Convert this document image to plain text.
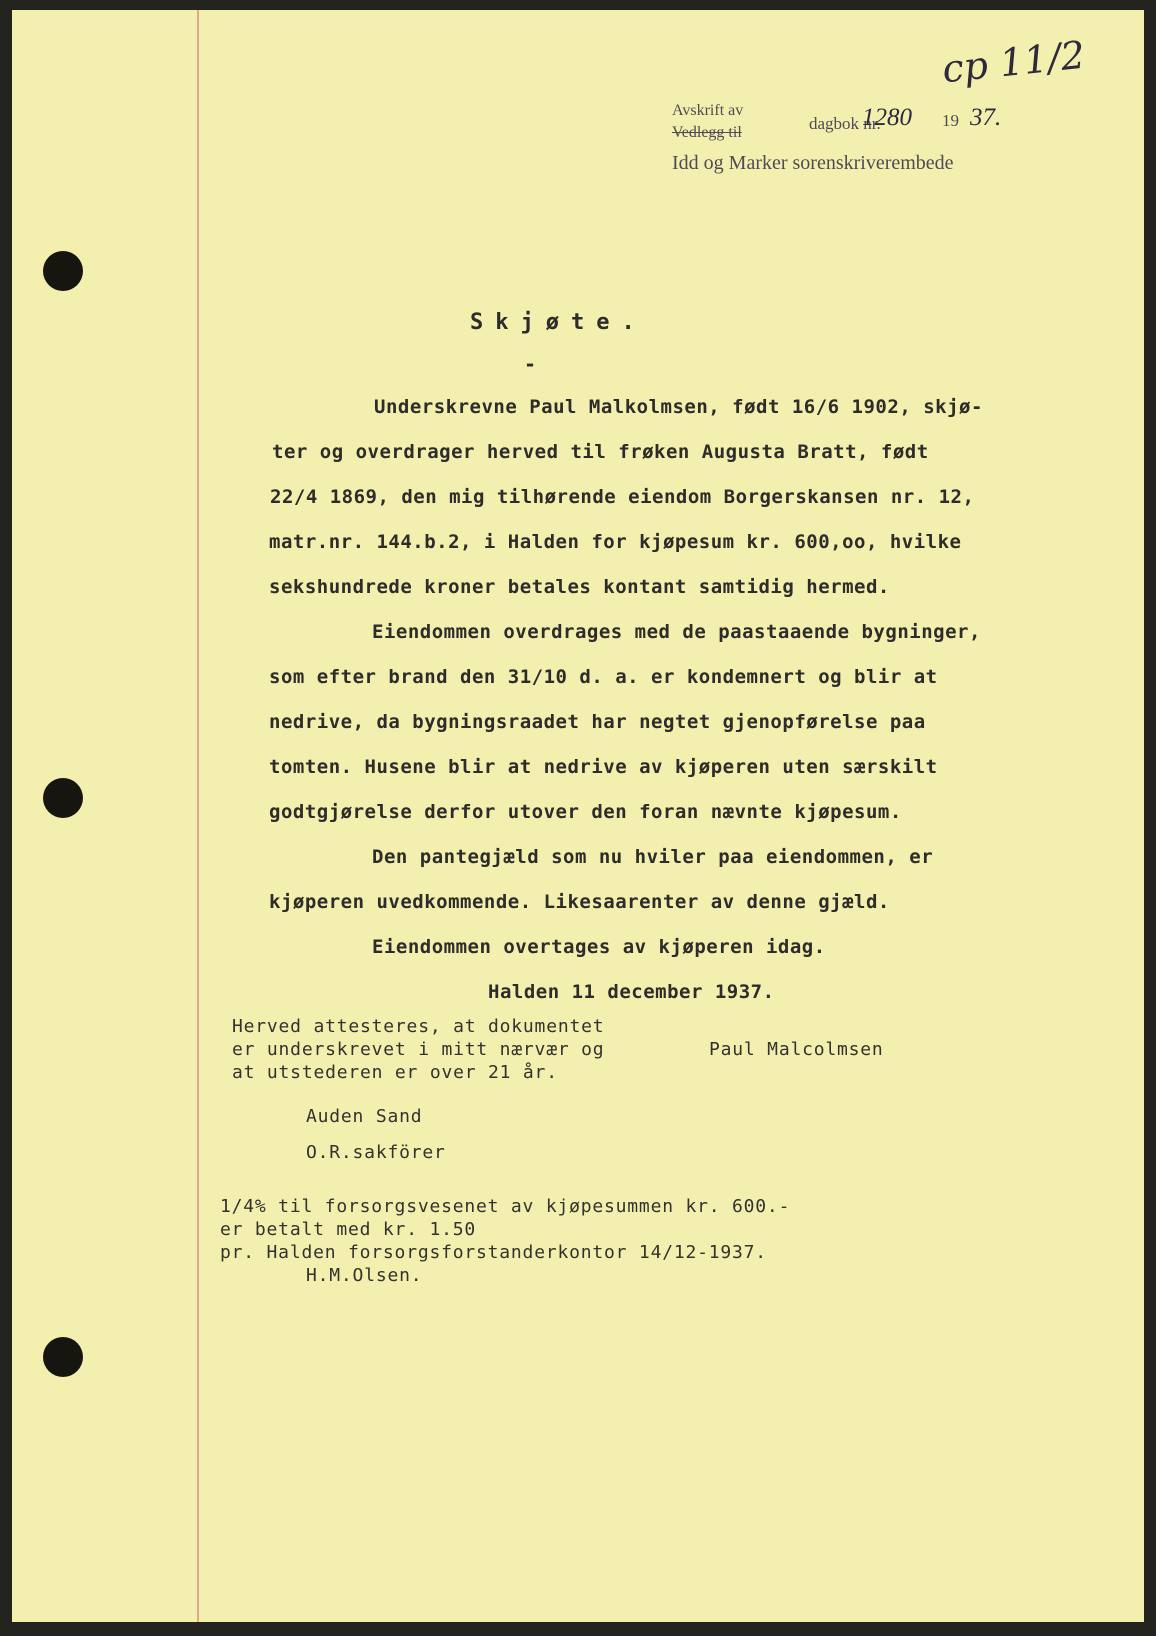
Avskrift av
Vedlegg til	dagbok nr.
1280 19 37.
Idd og Marker sorenskriverembede
cp 11/2
Skjøte.
-
Underskrevne Paul Malkolmsen, født 16/6 1902, skjø-
ter og overdrager herved til frøken Augusta Bratt, født
22/4 1869, den mig tilhørende eiendom Borgerskansen nr. 12,
matr.nr. 144.b.2, i Halden for kjøpesum kr. 600,oo, hvilke
sekshundrede kroner betales kontant samtidig hermed.
Eiendommen overdrages med de paastaaende bygninger,
som efter brand den 31/10 d. a. er kondemnert og blir at
nedrive, da bygningsraadet har negtet gjenopførelse paa
tomten. Husene blir at nedrive av kjøperen uten særskilt
godtgjørelse derfor utover den foran nævnte kjøpesum.
Den pantegjæld som nu hviler paa eiendommen, er
kjøperen uvedkommende. Likesaarenter av denne gjæld.
Eiendommen overtages av kjøperen idag.
Halden 11 december 1937.
Herved attesteres, at dokumentet
er underskrevet i mitt nærvær og
at utstederen er over 21 år.
Paul Malcolmsen
Auden Sand
O.R.sakförer
1/4% til forsorgsvesenet av kjøpesummen kr. 600.-
er betalt med kr. 1.50
pr. Halden forsorgsforstanderkontor 14/12-1937.
H.M.Olsen.
